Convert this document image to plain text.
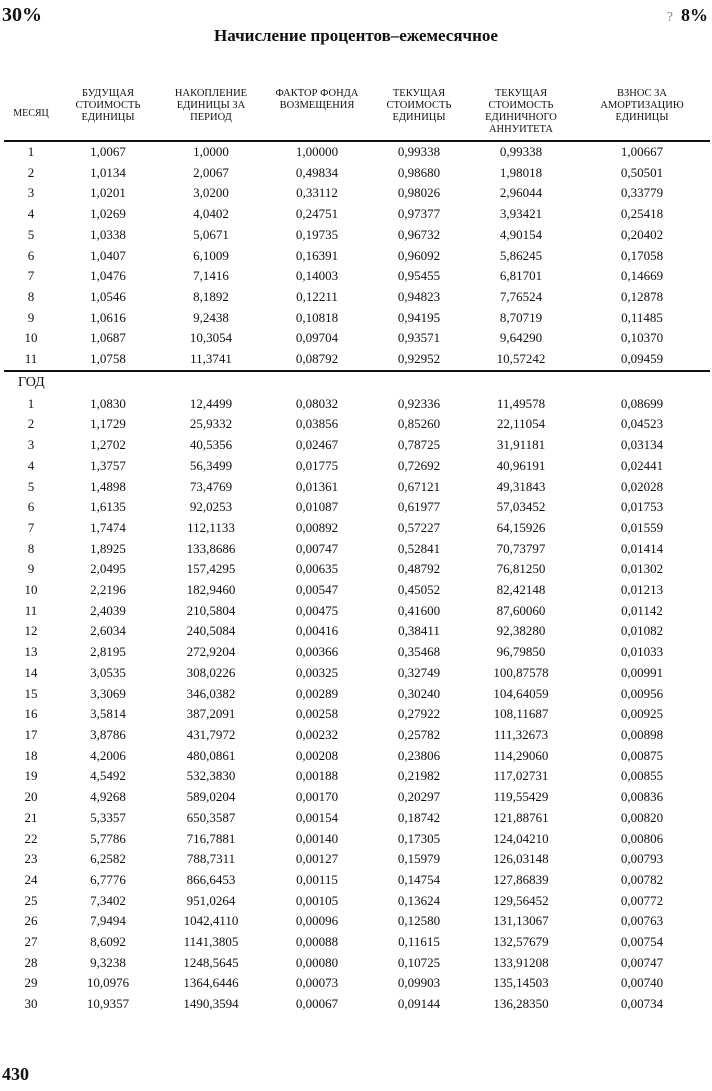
30%	? 8%
Начисление процентов–ежемесячное
МЕСЯЦ	БУДУЩАЯ СТОИМОСТЬ ЕДИНИЦЫ	НАКОПЛЕНИЕ ЕДИНИЦЫ ЗА ПЕРИОД	ФАКТОР ФОНДА ВОЗМЕЩЕНИЯ	ТЕКУЩАЯ СТОИМОСТЬ ЕДИНИЦЫ	ТЕКУЩАЯ СТОИМОСТЬ ЕДИНИЧНОГО АННУИТЕТА	ВЗНОС ЗА АМОРТИЗАЦИЮ ЕДИНИЦЫ
1	1,0067	1,0000	1,00000	0,99338	0,99338	1,00667
2	1,0134	2,0067	0,49834	0,98680	1,98018	0,50501
3	1,0201	3,0200	0,33112	0,98026	2,96044	0,33779
4	1,0269	4,0402	0,24751	0,97377	3,93421	0,25418
5	1,0338	5,0671	0,19735	0,96732	4,90154	0,20402
6	1,0407	6,1009	0,16391	0,96092	5,86245	0,17058
7	1,0476	7,1416	0,14003	0,95455	6,81701	0,14669
8	1,0546	8,1892	0,12211	0,94823	7,76524	0,12878
9	1,0616	9,2438	0,10818	0,94195	8,70719	0,11485
10	1,0687	10,3054	0,09704	0,93571	9,64290	0,10370
11	1,0758	11,3741	0,08792	0,92952	10,57242	0,09459
ГОД						
1	1,0830	12,4499	0,08032	0,92336	11,49578	0,08699
2	1,1729	25,9332	0,03856	0,85260	22,11054	0,04523
3	1,2702	40,5356	0,02467	0,78725	31,91181	0,03134
4	1,3757	56,3499	0,01775	0,72692	40,96191	0,02441
5	1,4898	73,4769	0,01361	0,67121	49,31843	0,02028
6	1,6135	92,0253	0,01087	0,61977	57,03452	0,01753
7	1,7474	112,1133	0,00892	0,57227	64,15926	0,01559
8	1,8925	133,8686	0,00747	0,52841	70,73797	0,01414
9	2,0495	157,4295	0,00635	0,48792	76,81250	0,01302
10	2,2196	182,9460	0,00547	0,45052	82,42148	0,01213
11	2,4039	210,5804	0,00475	0,41600	87,60060	0,01142
12	2,6034	240,5084	0,00416	0,38411	92,38280	0,01082
13	2,8195	272,9204	0,00366	0,35468	96,79850	0,01033
14	3,0535	308,0226	0,00325	0,32749	100,87578	0,00991
15	3,3069	346,0382	0,00289	0,30240	104,64059	0,00956
16	3,5814	387,2091	0,00258	0,27922	108,11687	0,00925
17	3,8786	431,7972	0,00232	0,25782	111,32673	0,00898
18	4,2006	480,0861	0,00208	0,23806	114,29060	0,00875
19	4,5492	532,3830	0,00188	0,21982	117,02731	0,00855
20	4,9268	589,0204	0,00170	0,20297	119,55429	0,00836
21	5,3357	650,3587	0,00154	0,18742	121,88761	0,00820
22	5,7786	716,7881	0,00140	0,17305	124,04210	0,00806
23	6,2582	788,7311	0,00127	0,15979	126,03148	0,00793
24	6,7776	866,6453	0,00115	0,14754	127,86839	0,00782
25	7,3402	951,0264	0,00105	0,13624	129,56452	0,00772
26	7,9494	1042,4110	0,00096	0,12580	131,13067	0,00763
27	8,6092	1141,3805	0,00088	0,11615	132,57679	0,00754
28	9,3238	1248,5645	0,00080	0,10725	133,91208	0,00747
29	10,0976	1364,6446	0,00073	0,09903	135,14503	0,00740
30	10,9357	1490,3594	0,00067	0,09144	136,28350	0,00734
430
